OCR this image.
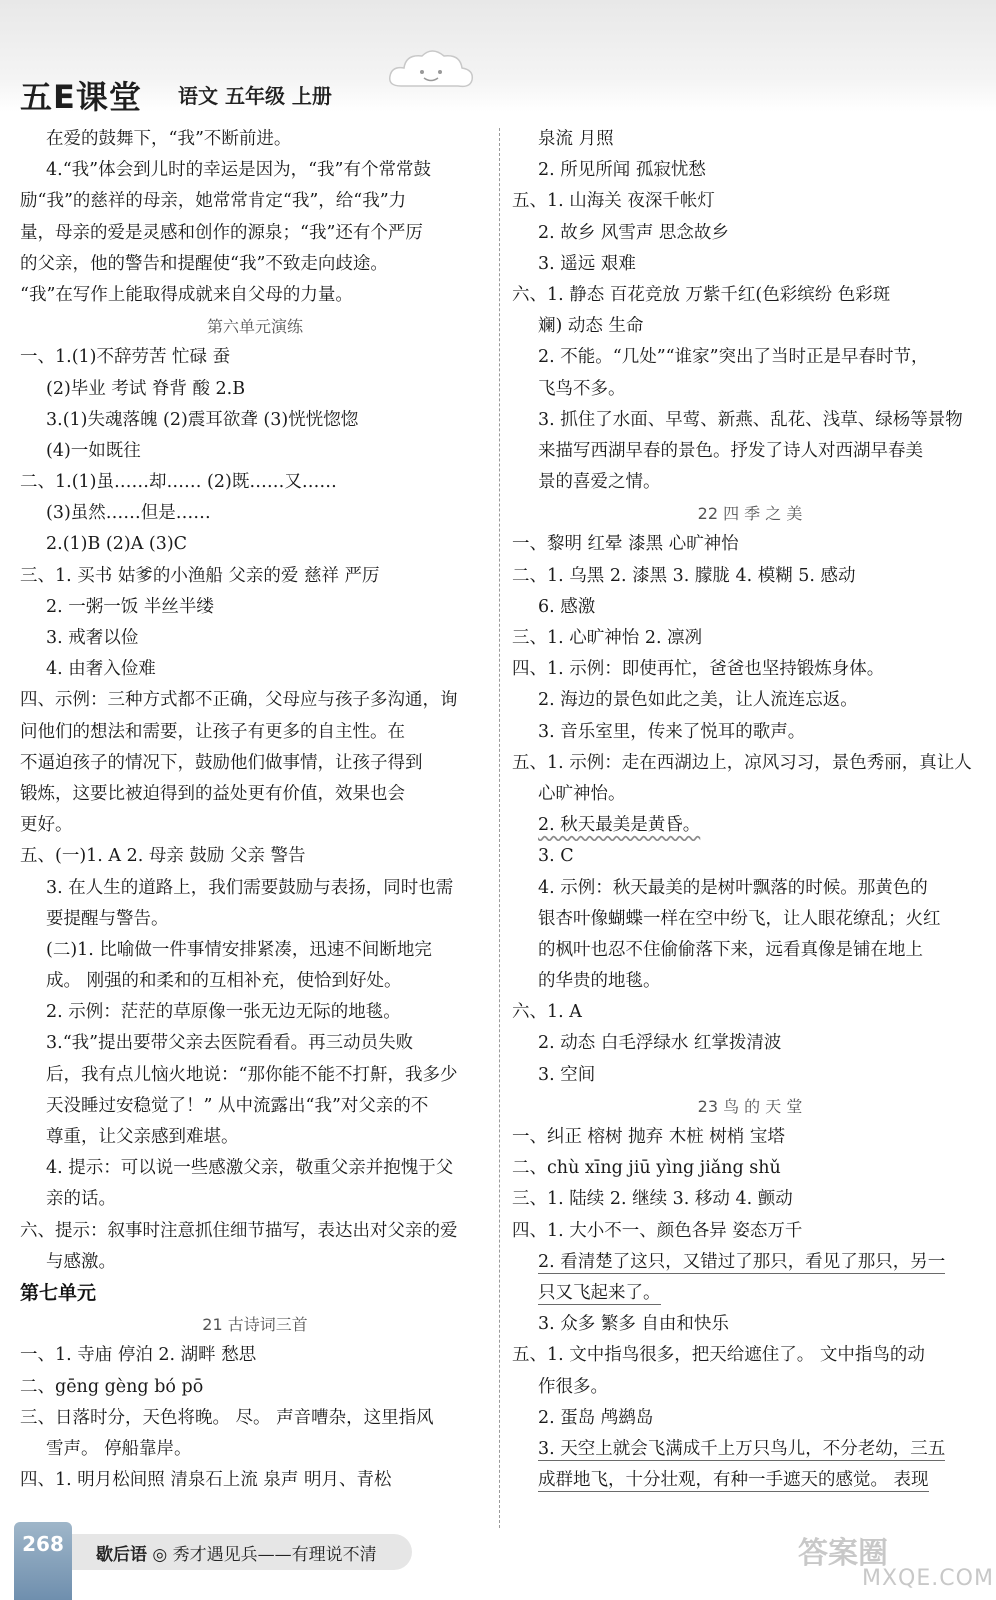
五E课堂 语文 五年级 上册
在爱的鼓舞下，“我”不断前进。
4.“我”体会到儿时的幸运是因为，“我”有个常常鼓
励“我”的慈祥的母亲，她常常肯定“我”，给“我”力
量，母亲的爱是灵感和创作的源泉；“我”还有个严厉
的父亲，他的警告和提醒使“我”不致走向歧途。
“我”在写作上能取得成就来自父母的力量。
第六单元演练
一、1.(1)不辞劳苦 忙碌 蚕
(2)毕业 考试 脊背 酸 2.B
3.(1)失魂落魄 (2)震耳欲聋 (3)恍恍惚惚
(4)一如既往
二、1.(1)虽……却…… (2)既……又……
(3)虽然……但是……
2.(1)B (2)A (3)C
三、1. 买书 姑爹的小渔船 父亲的爱 慈祥 严厉
2. 一粥一饭 半丝半缕
3. 戒奢以俭
4. 由奢入俭难
四、示例：三种方式都不正确，父母应与孩子多沟通，询
问他们的想法和需要，让孩子有更多的自主性。在
不逼迫孩子的情况下，鼓励他们做事情，让孩子得到
锻炼，这要比被迫得到的益处更有价值，效果也会
更好。
五、(一)1. A 2. 母亲 鼓励 父亲 警告
3. 在人生的道路上，我们需要鼓励与表扬，同时也需
要提醒与警告。
(二)1. 比喻做一件事情安排紧凑，迅速不间断地完
成。 刚强的和柔和的互相补充，使恰到好处。
2. 示例：茫茫的草原像一张无边无际的地毯。
3.“我”提出要带父亲去医院看看。再三动员失败
后，我有点儿恼火地说：“那你能不能不打鼾，我多少
天没睡过安稳觉了！” 从中流露出“我”对父亲的不
尊重，让父亲感到难堪。
4. 提示：可以说一些感激父亲，敬重父亲并抱愧于父
亲的话。
六、提示：叙事时注意抓住细节描写，表达出对父亲的爱
与感激。
第七单元
21 古诗词三首
一、1. 寺庙 停泊 2. 湖畔 愁思
二、gēng gèng bó pō
三、日落时分，天色将晚。 尽。 声音嘈杂，这里指风
雪声。 停船靠岸。
四、1. 明月松间照 清泉石上流 泉声 明月、青松
泉流 月照
2. 所见所闻 孤寂忧愁
五、1. 山海关 夜深千帐灯
2. 故乡 风雪声 思念故乡
3. 遥远 艰难
六、1. 静态 百花竞放 万紫千红(色彩缤纷 色彩斑
斓) 动态 生命
2. 不能。“几处”“谁家”突出了当时正是早春时节，
飞鸟不多。
3. 抓住了水面、早莺、新燕、乱花、浅草、绿杨等景物
来描写西湖早春的景色。抒发了诗人对西湖早春美
景的喜爱之情。
22 四 季 之 美
一、黎明 红晕 漆黑 心旷神怡
二、1. 乌黑 2. 漆黑 3. 朦胧 4. 模糊 5. 感动
6. 感激
三、1. 心旷神怡 2. 凛冽
四、1. 示例：即使再忙，爸爸也坚持锻炼身体。
2. 海边的景色如此之美，让人流连忘返。
3. 音乐室里，传来了悦耳的歌声。
五、1. 示例：走在西湖边上，凉风习习，景色秀丽，真让人
心旷神怡。
2. 秋天最美是黄昏。
3. C
4. 示例：秋天最美的是树叶飘落的时候。那黄色的
银杏叶像蝴蝶一样在空中纷飞，让人眼花缭乱；火红
的枫叶也忍不住偷偷落下来，远看真像是铺在地上
的华贵的地毯。
六、1. A
2. 动态 白毛浮绿水 红掌拨清波
3. 空间
23 鸟 的 天 堂
一、纠正 榕树 抛弃 木桩 树梢 宝塔
二、chù xīng jiū yìng jiǎng shǔ
三、1. 陆续 2. 继续 3. 移动 4. 颤动
四、1. 大小不一、颜色各异 姿态万千
2. 看清楚了这只，又错过了那只，看见了那只，另一
只又飞起来了。
3. 众多 繁多 自由和快乐
五、1. 文中指鸟很多，把天给遮住了。 文中指鸟的动
作很多。
2. 蛋岛 鸬鹚岛
3. 天空上就会飞满成千上万只鸟儿，不分老幼，三五
成群地飞，十分壮观，有种一手遮天的感觉。 表现
268 歇后语 ◎ 秀才遇见兵——有理说不清	答案圈
MXQE.COM
